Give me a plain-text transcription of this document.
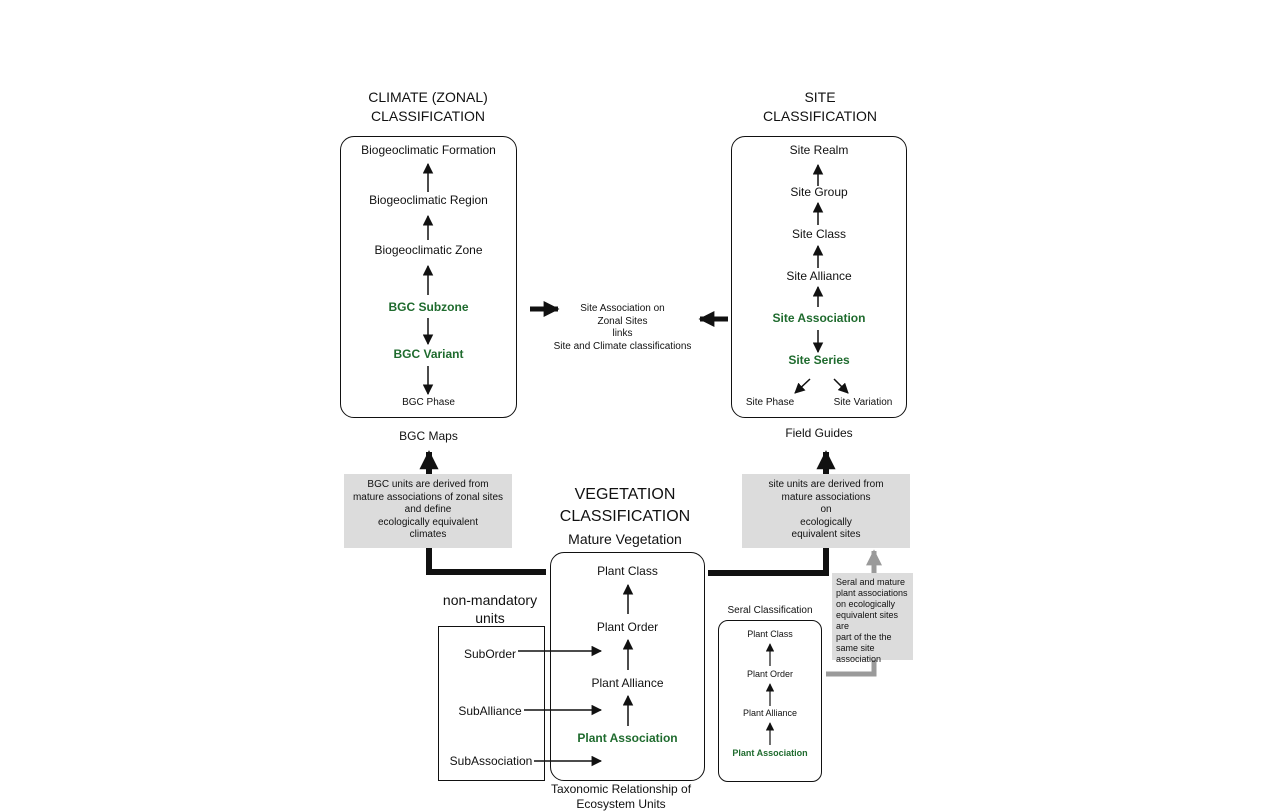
CLIMATE (ZONAL)
CLASSIFICATION
Biogeoclimatic Formation
Biogeoclimatic Region
Biogeoclimatic Zone
BGC Subzone
BGC Variant
BGC Phase
BGC Maps
BGC units are derived from
mature associations of zonal sites
and define
ecologically equivalent
climates
Site Association on
Zonal Sites
links
Site and Climate classifications
SITE
CLASSIFICATION
Site Realm
Site Group
Site Class
Site Alliance
Site Association
Site Series
Site Phase	Site Variation
Field Guides
site units are derived from
mature associations
on
ecologically
equivalent sites
VEGETATION
CLASSIFICATION
Mature Vegetation
Plant Class
Plant Order
Plant Alliance
Plant Association
non-mandatory
units
SubOrder
SubAlliance
SubAssociation
Seral Classification
Plant Class
Plant Order
Plant Alliance
Plant Association
Seral and mature
plant associations
on ecologically
equivalent sites are
part of the the
same site
association
Taxonomic Relationship of
Ecosystem Units
